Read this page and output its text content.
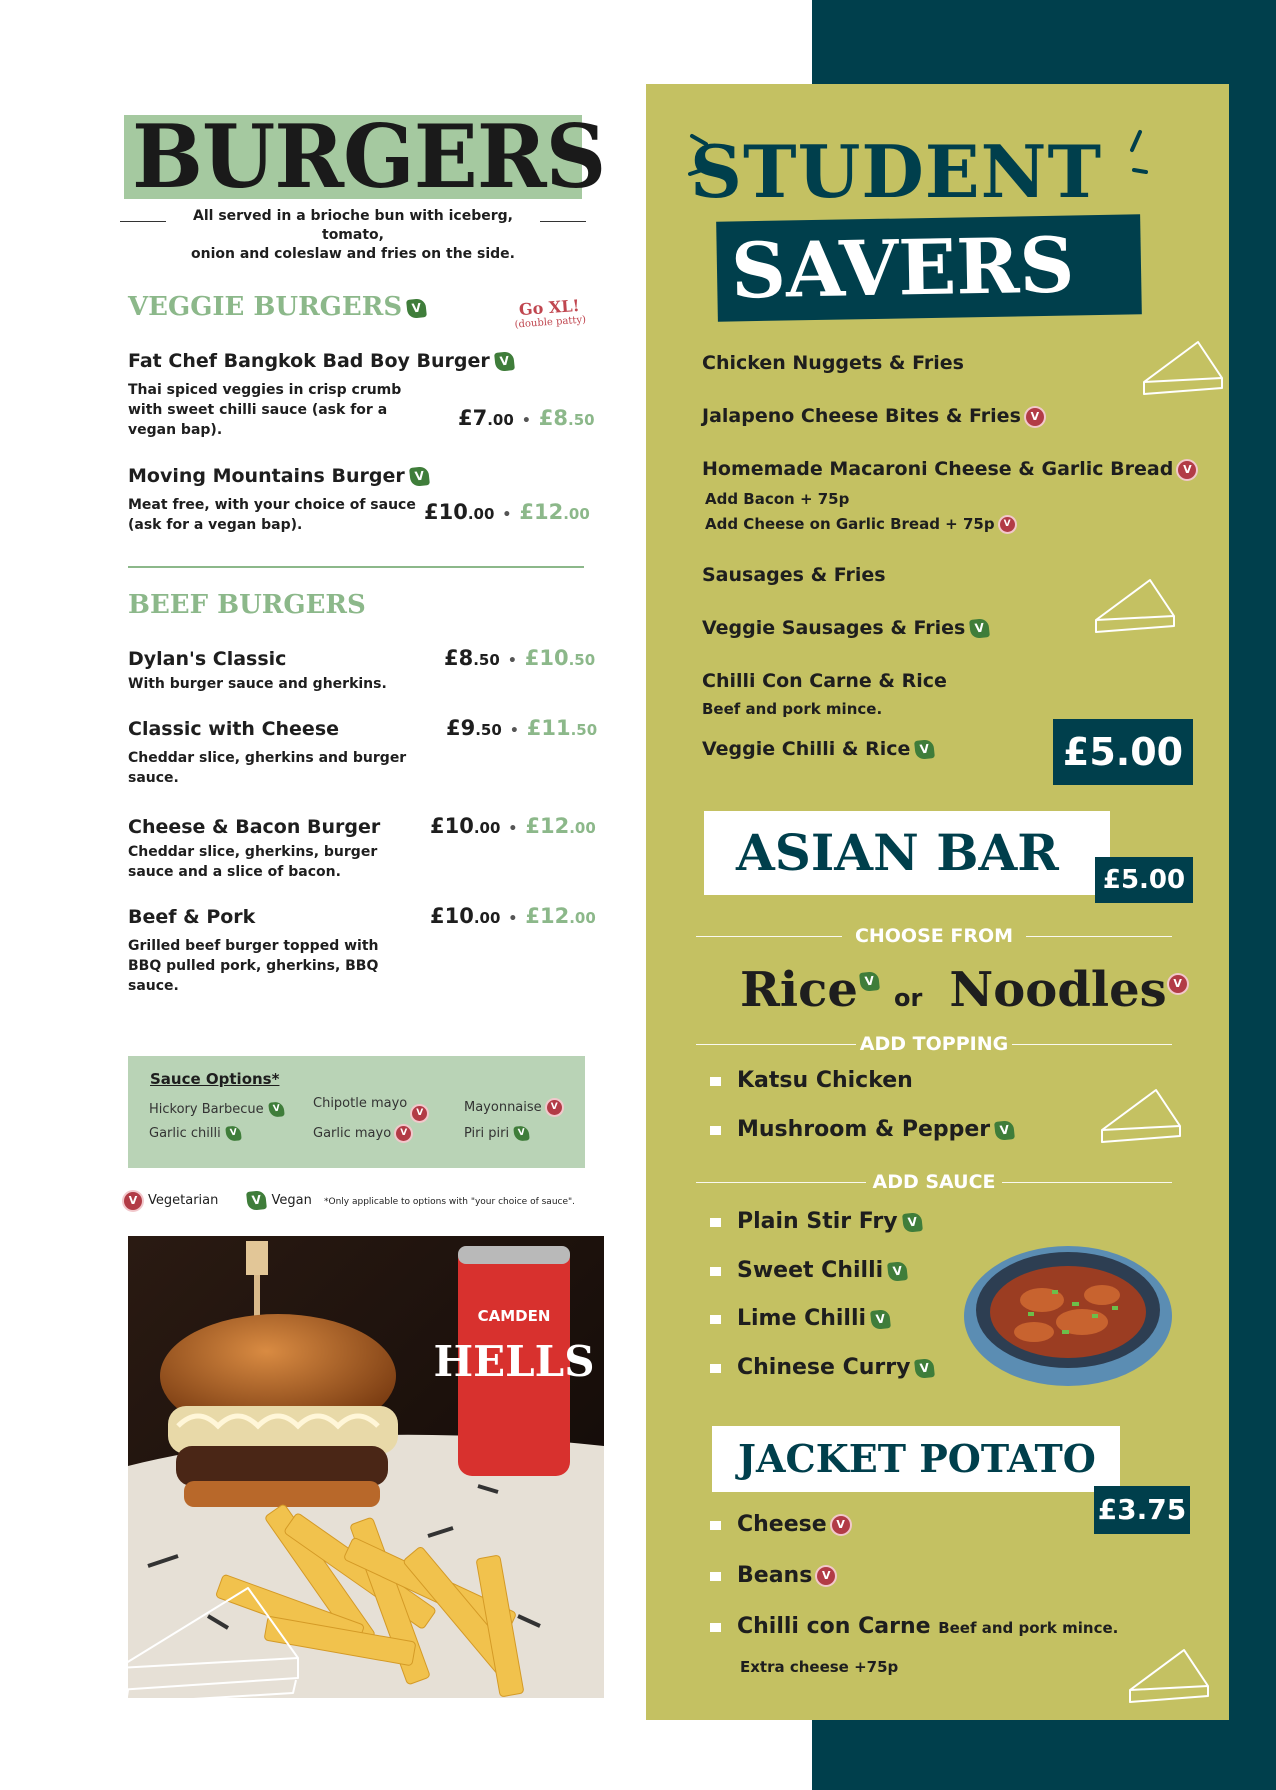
BURGERS
All served in a brioche bun with iceberg, tomato,
onion and coleslaw and fries on the side.
VEGGIE BURGERS V	Go XL!
(double patty)
Fat Chef Bangkok Bad Boy Burger V
Thai spiced veggies in crisp crumb
with sweet chilli sauce (ask for a
vegan bap).	£7.00 • £8.50
Moving Mountains Burger V
Meat free, with your choice of sauce
(ask for a vegan bap).
£10.00 • £12.00
BEEF BURGERS
Dylan's Classic
With burger sauce and gherkins.
£8.50 • £10.50
Classic with Cheese
Cheddar slice, gherkins and burger
sauce.
£9.50 • £11.50
Cheese & Bacon Burger
Cheddar slice, gherkins, burger
sauce and a slice of bacon.
£10.00 • £12.00
Beef & Pork
Grilled beef burger topped with
BBQ pulled pork, gherkins, BBQ
sauce.
£10.00 • £12.00
Sauce Options*
Hickory Barbecue V
Garlic chilli V
Chipotle mayoV
Garlic mayo V
Mayonnaise V
Piri piri V
V Vegetarian	V Vegan *Only applicable to options with "your choice of sauce".
CAMDEN
HELLS
STUDENT
SAVERS
Chicken Nuggets & Fries
Jalapeno Cheese Bites & Fries V
Homemade Macaroni Cheese & Garlic Bread V
Add Bacon + 75p
Add Cheese on Garlic Bread + 75p V
Sausages & Fries
Veggie Sausages & Fries V
Chilli Con Carne & Rice
Beef and pork mince.
Veggie Chilli & Rice V	£5.00
ASIAN BAR	£5.00
CHOOSE FROM
Rice V or Noodles V
ADD TOPPING
Katsu Chicken
Mushroom & Pepper V
ADD SAUCE
Plain Stir Fry V
Sweet Chilli V
Lime Chilli V
Chinese Curry V
JACKET POTATO
£3.75
Cheese V
Beans V
Chilli con Carne Beef and pork mince.
Extra cheese +75p
